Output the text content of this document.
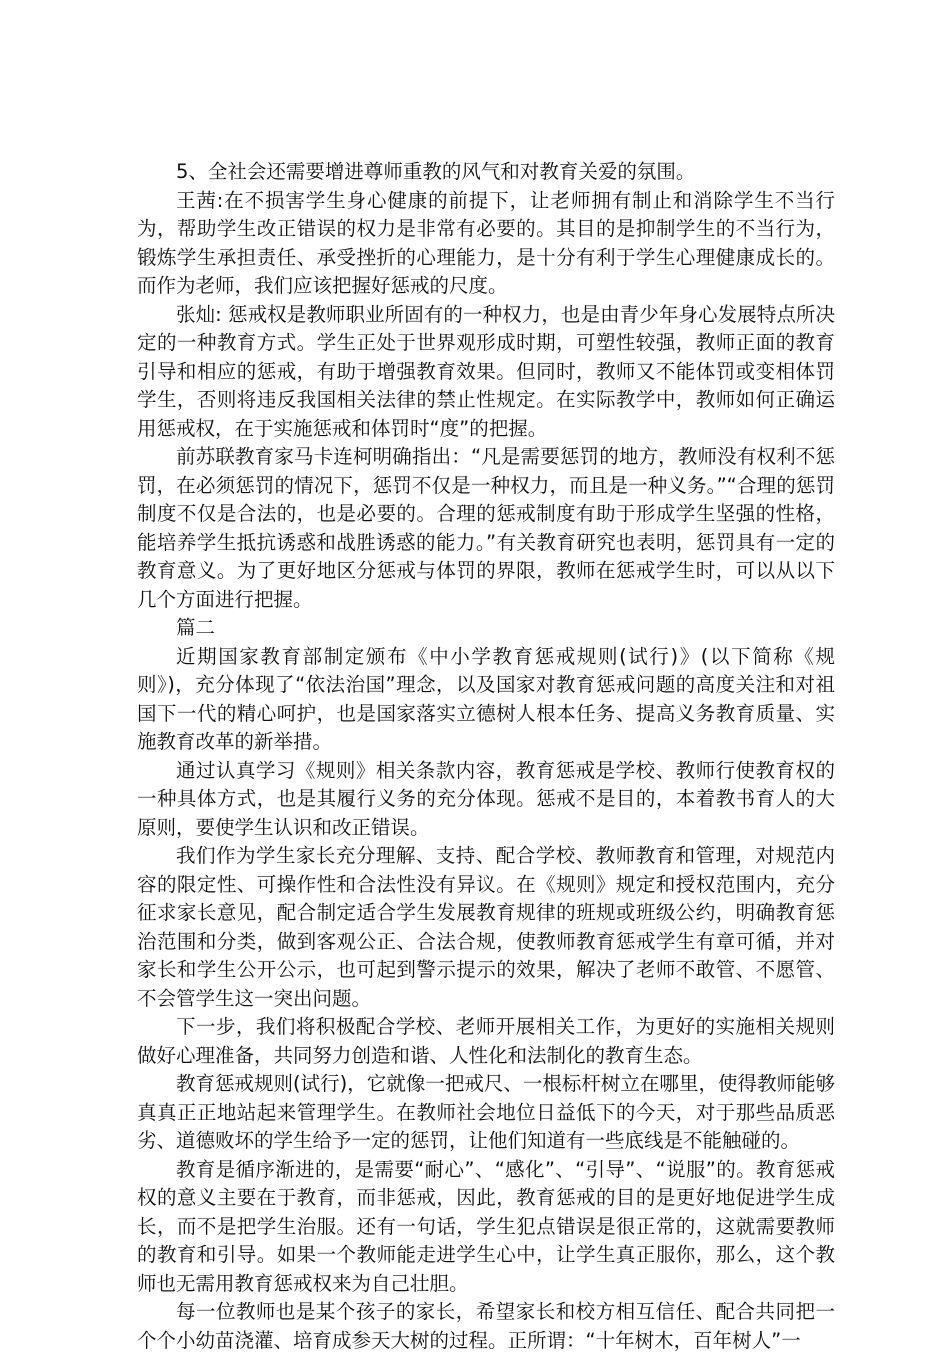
5、全社会还需要增进尊师重教的风气和对教育关爱的氛围。

王茜:在不损害学生身心健康的前提下，让老师拥有制止和消除学生不当行为，帮助学生改正错误的权力是非常有必要的。其目的是抑制学生的不当行为，锻炼学生承担责任、承受挫折的心理能力，是十分有利于学生心理健康成长的。而作为老师，我们应该把握好惩戒的尺度。

张灿: 惩戒权是教师职业所固有的一种权力，也是由青少年身心发展特点所决定的一种教育方式。学生正处于世界观形成时期，可塑性较强，教师正面的教育引导和相应的惩戒，有助于增强教育效果。但同时，教师又不能体罚或变相体罚学生，否则将违反我国相关法律的禁止性规定。在实际教学中，教师如何正确运用惩戒权，在于实施惩戒和体罚时“度”的把握。

前苏联教育家马卡连柯明确指出：“凡是需要惩罚的地方，教师没有权利不惩罚，在必须惩罚的情况下，惩罚不仅是一种权力，而且是一种义务。”“合理的惩罚制度不仅是合法的，也是必要的。合理的惩戒制度有助于形成学生坚强的性格，能培养学生抵抗诱惑和战胜诱惑的能力。”有关教育研究也表明，惩罚具有一定的教育意义。为了更好地区分惩戒与体罚的界限，教师在惩戒学生时，可以从以下几个方面进行把握。

篇二

近期国家教育部制定颁布《中小学教育惩戒规则(试行)》(以下简称《规则》)，充分体现了“依法治国”理念，以及国家对教育惩戒问题的高度关注和对祖国下一代的精心呵护，也是国家落实立德树人根本任务、提高义务教育质量、实施教育改革的新举措。

通过认真学习《规则》相关条款内容，教育惩戒是学校、教师行使教育权的一种具体方式，也是其履行义务的充分体现。惩戒不是目的，本着教书育人的大原则，要使学生认识和改正错误。

我们作为学生家长充分理解、支持、配合学校、教师教育和管理，对规范内容的限定性、可操作性和合法性没有异议。在《规则》规定和授权范围内，充分征求家长意见，配合制定适合学生发展教育规律的班规或班级公约，明确教育惩治范围和分类，做到客观公正、合法合规，使教师教育惩戒学生有章可循，并对家长和学生公开公示，也可起到警示提示的效果，解决了老师不敢管、不愿管、不会管学生这一突出问题。

下一步，我们将积极配合学校、老师开展相关工作，为更好的实施相关规则做好心理准备，共同努力创造和谐、人性化和法制化的教育生态。

教育惩戒规则(试行)，它就像一把戒尺、一根标杆树立在哪里，使得教师能够真真正正地站起来管理学生。在教师社会地位日益低下的今天，对于那些品质恶劣、道德败坏的学生给予一定的惩罚，让他们知道有一些底线是不能触碰的。

教育是循序渐进的，是需要“耐心”、“感化”、“引导”、“说服”的。教育惩戒权的意义主要在于教育，而非惩戒，因此，教育惩戒的目的是更好地促进学生成长，而不是把学生治服。还有一句话，学生犯点错误是很正常的，这就需要教师的教育和引导。如果一个教师能走进学生心中，让学生真正服你，那么，这个教师也无需用教育惩戒权来为自己壮胆。

每一位教师也是某个孩子的家长，希望家长和校方相互信任、配合共同把一个个小幼苗浇灌、培育成参天大树的过程。正所谓：“十年树木，百年树人”一
